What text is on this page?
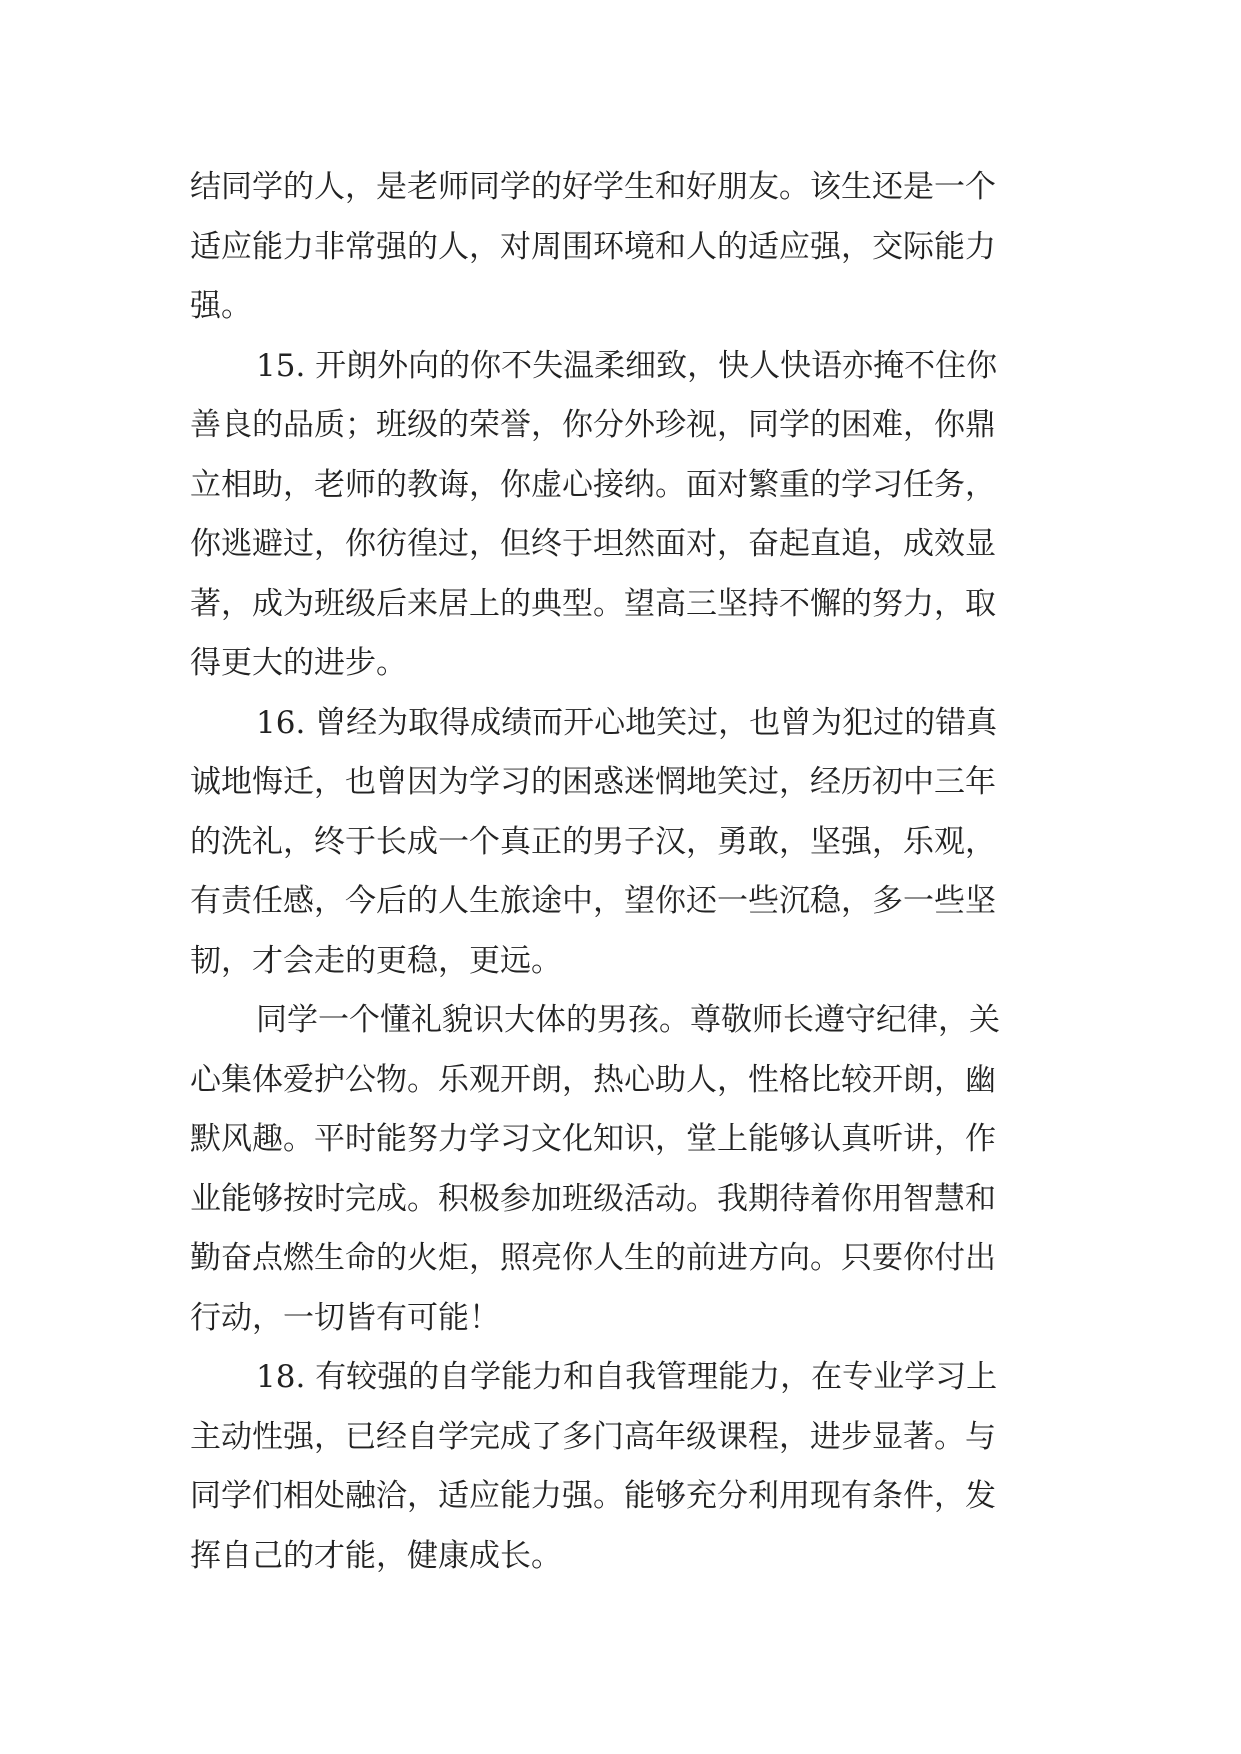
结同学的人，是老师同学的好学生和好朋友。该生还是一个
适应能力非常强的人，对周围环境和人的适应强，交际能力
强。
15. 开朗外向的你不失温柔细致，快人快语亦掩不住你
善良的品质；班级的荣誉，你分外珍视，同学的困难，你鼎
立相助，老师的教诲，你虚心接纳。面对繁重的学习任务，
你逃避过，你彷徨过，但终于坦然面对，奋起直追，成效显
著，成为班级后来居上的典型。望高三坚持不懈的努力，取
得更大的进步。
16. 曾经为取得成绩而开心地笑过，也曾为犯过的错真
诚地悔迁，也曾因为学习的困惑迷惘地笑过，经历初中三年
的洗礼，终于长成一个真正的男子汉，勇敢，坚强，乐观，
有责任感，今后的人生旅途中，望你还一些沉稳，多一些坚
韧，才会走的更稳，更远。
同学一个懂礼貌识大体的男孩。尊敬师长遵守纪律，关
心集体爱护公物。乐观开朗，热心助人，性格比较开朗，幽
默风趣。平时能努力学习文化知识，堂上能够认真听讲，作
业能够按时完成。积极参加班级活动。我期待着你用智慧和
勤奋点燃生命的火炬，照亮你人生的前进方向。只要你付出
行动，一切皆有可能！
18. 有较强的自学能力和自我管理能力，在专业学习上
主动性强，已经自学完成了多门高年级课程，进步显著。与
同学们相处融洽，适应能力强。能够充分利用现有条件，发
挥自己的才能，健康成长。
